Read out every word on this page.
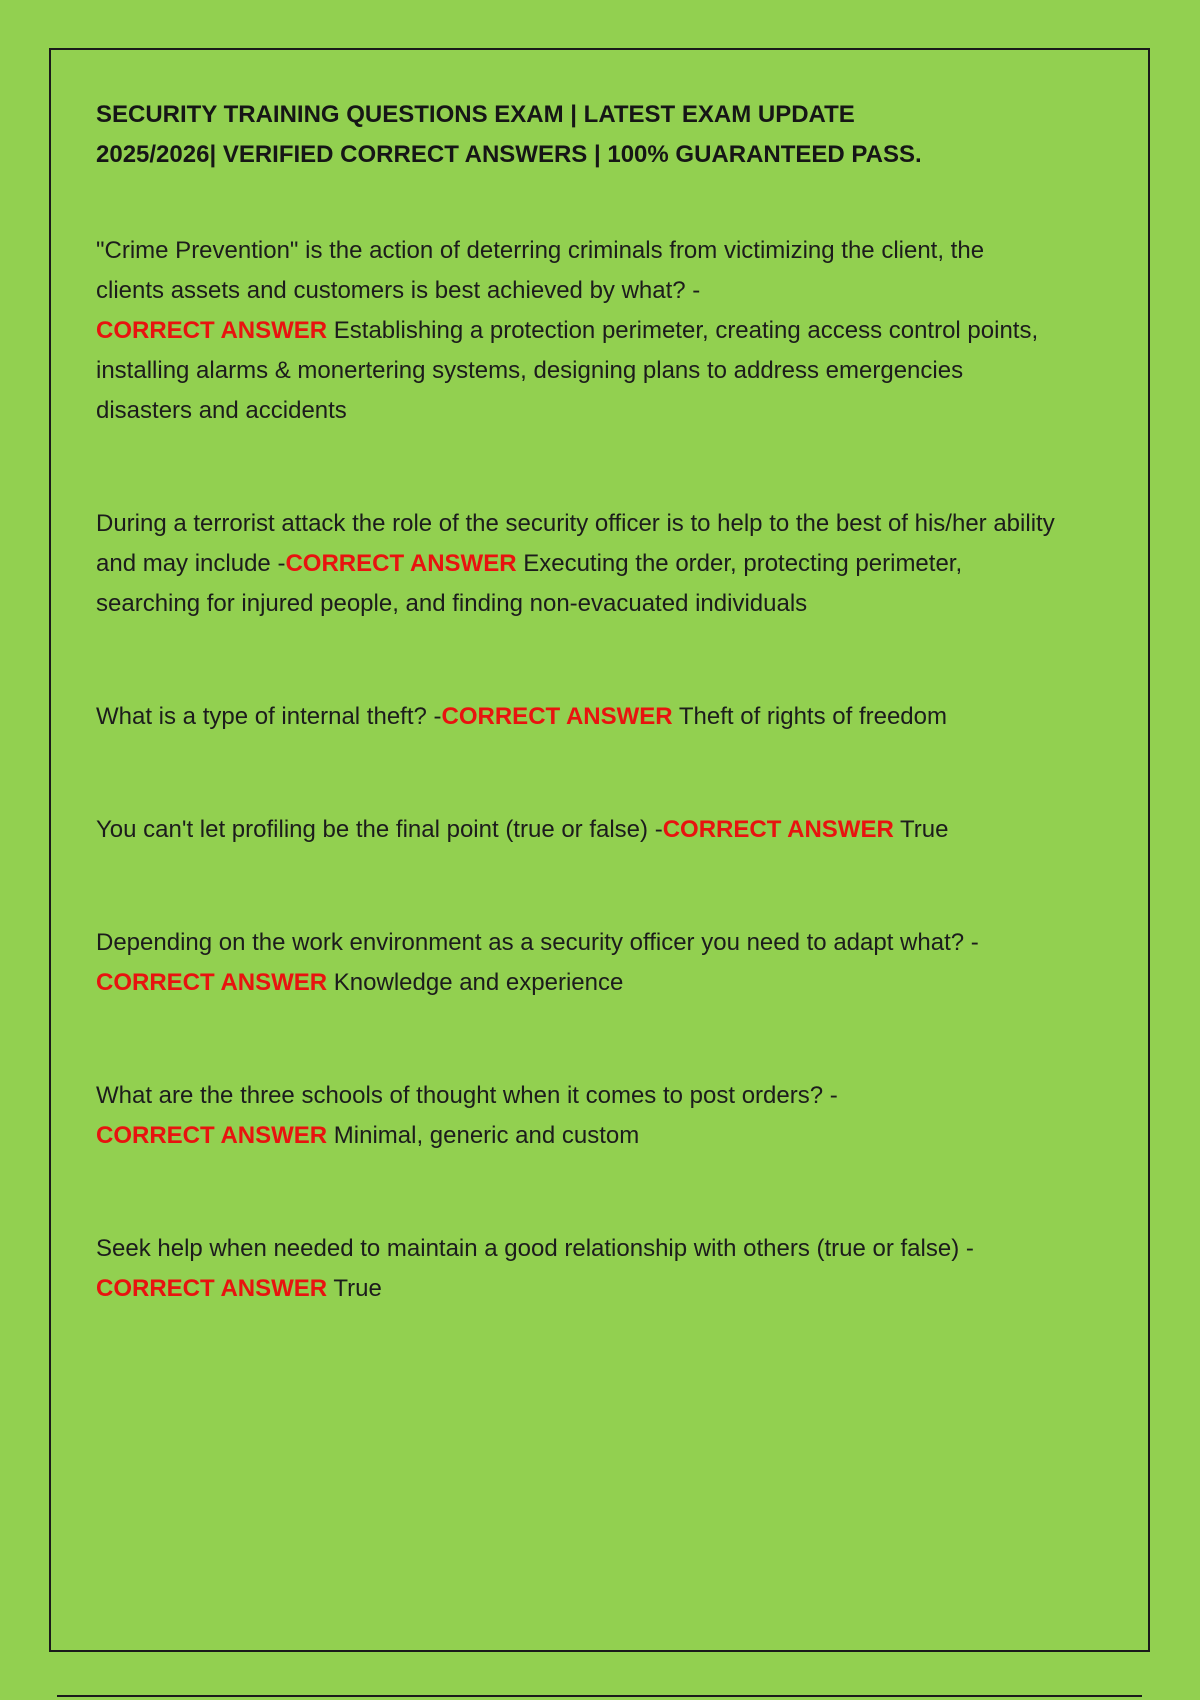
SECURITY TRAINING QUESTIONS EXAM | LATEST EXAM UPDATE
2025/2026| VERIFIED CORRECT ANSWERS | 100% GUARANTEED PASS.

"Crime Prevention" is the action of deterring criminals from victimizing the client, the clients assets and customers is best achieved by what? -
CORRECT ANSWER Establishing a protection perimeter, creating access control points, installing alarms & monertering systems, designing plans to address emergencies disasters and accidents

During a terrorist attack the role of the security officer is to help to the best of his/her ability and may include -CORRECT ANSWER Executing the order, protecting perimeter, searching for injured people, and finding non-evacuated individuals

What is a type of internal theft? -CORRECT ANSWER Theft of rights of freedom

You can't let profiling be the final point (true or false) -CORRECT ANSWER True

Depending on the work environment as a security officer you need to adapt what? -CORRECT ANSWER Knowledge and experience

What are the three schools of thought when it comes to post orders? -
CORRECT ANSWER Minimal, generic and custom

Seek help when needed to maintain a good relationship with others (true or false) -CORRECT ANSWER True
